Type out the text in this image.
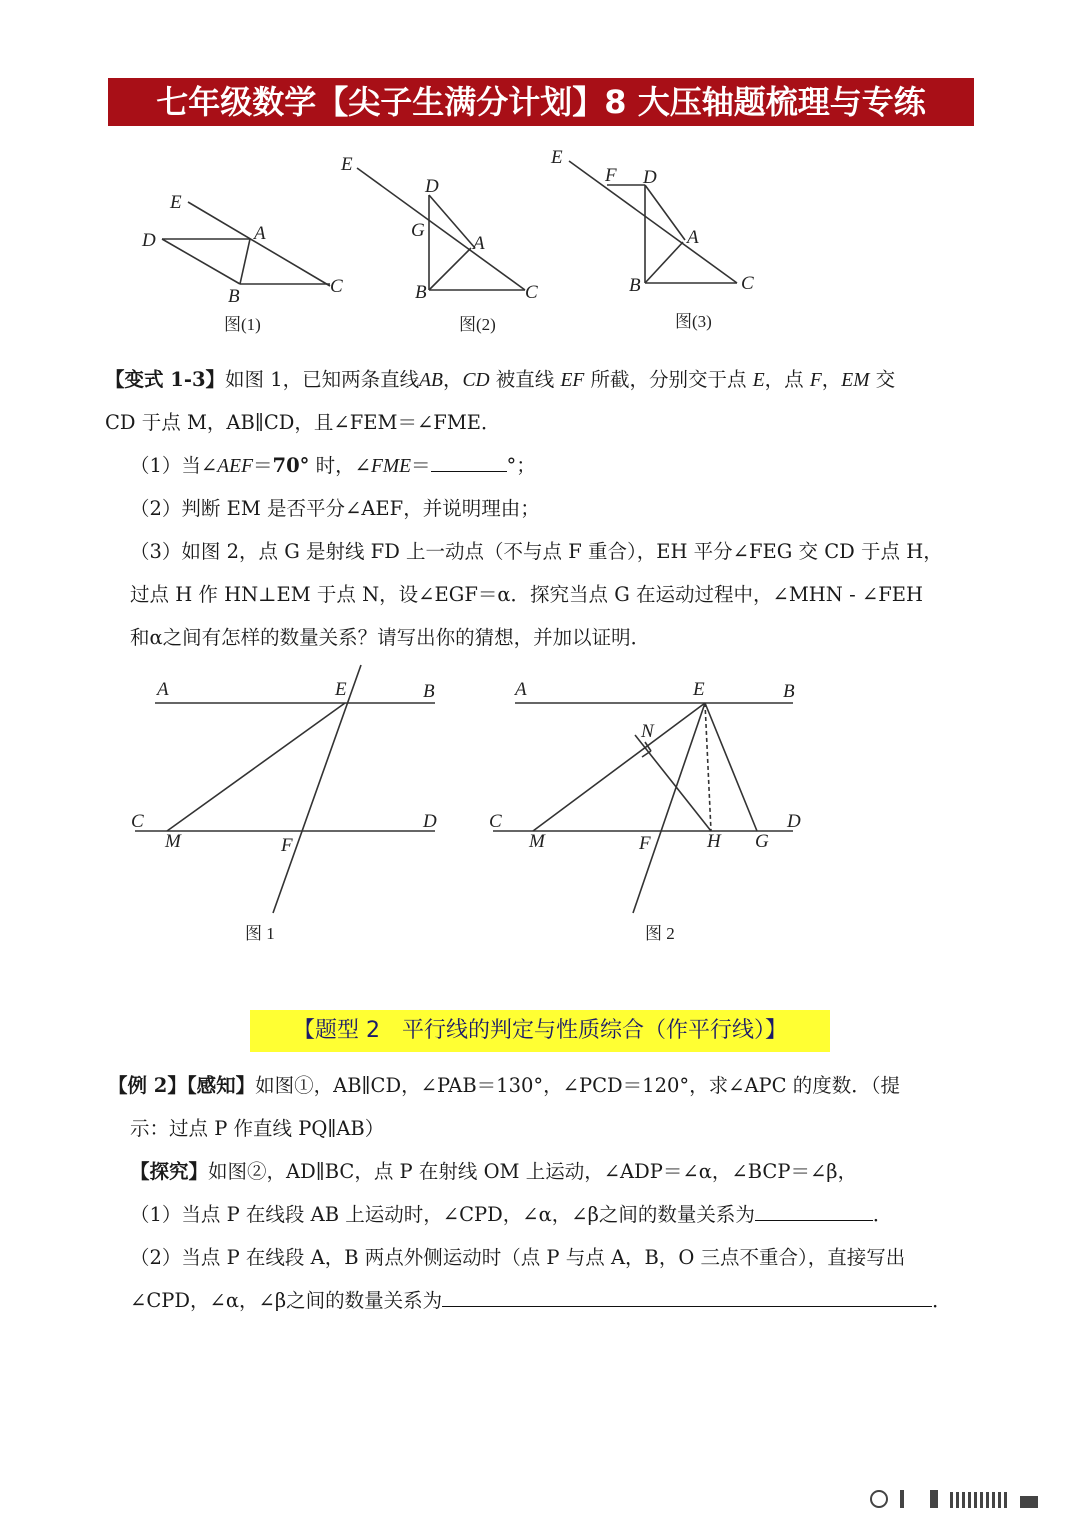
七年级数学【尖子生满分计划】8 大压轴题梳理与专练
E
D	A
B	C
图(1)
E
D
G
A
B	C
图(2)
E
F D
A
B	C
图(3)
【变式 1-3】如图 1，已知两条直线AB，CD 被直线 EF 所截，分别交于点 E，点 F，EM 交
CD 于点 M，AB∥CD，且∠FEM＝∠FME．
（1）当∠AEF＝70° 时，∠FME＝	°；
（2）判断 EM 是否平分∠AEF，并说明理由；
（3）如图 2，点 G 是射线 FD 上一动点（不与点 F 重合），EH 平分∠FEG 交 CD 于点 H，
过点 H 作 HN⊥EM 于点 N，设∠EGF＝α．探究当点 G 在运动过程中，∠MHN - ∠FEH
和α之间有怎样的数量关系？请写出你的猜想，并加以证明．
A	E	B
C
M	F
D
图 1
A	E	B
N
C
M	F	H G
D
图 2
【题型 2　平行线的判定与性质综合（作平行线）】
【例 2】【感知】如图①，AB∥CD，∠PAB＝130°，∠PCD＝120°，求∠APC 的度数．（提
示：过点 P 作直线 PQ∥AB）
【探究】如图②，AD∥BC，点 P 在射线 OM 上运动，∠ADP＝∠α，∠BCP＝∠β，
（1）当点 P 在线段 AB 上运动时，∠CPD，∠α，∠β之间的数量关系为	．
（2）当点 P 在线段 A，B 两点外侧运动时（点 P 与点 A，B，O 三点不重合），直接写出
∠CPD，∠α，∠β之间的数量关系为	．
